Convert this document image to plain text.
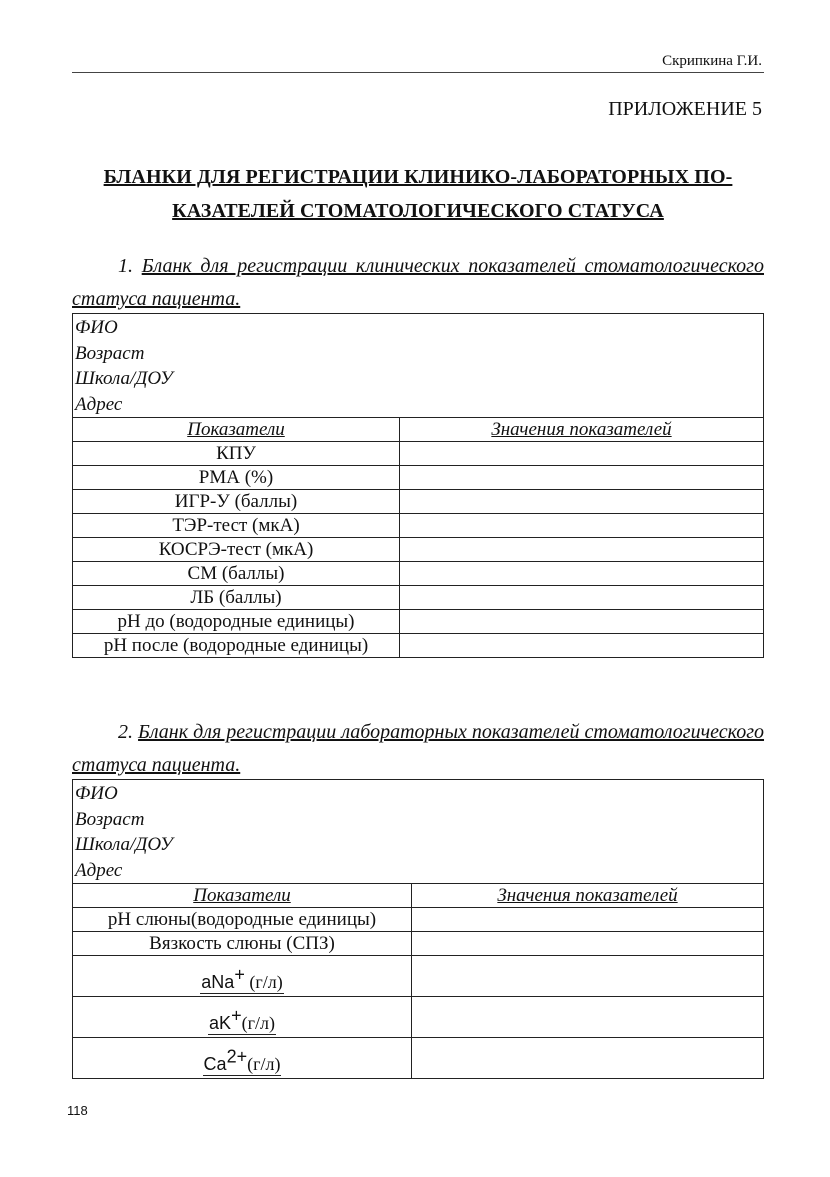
Скрипкина Г.И.
ПРИЛОЖЕНИЕ 5
БЛАНКИ ДЛЯ РЕГИСТРАЦИИ КЛИНИКО-ЛАБОРАТОРНЫХ ПО-КАЗАТЕЛЕЙ СТОМАТОЛОГИЧЕСКОГО СТАТУСА
1. Бланк для регистрации клинических показателей стоматологического статуса пациента.
ФИО
Возраст
Школа/ДОУ
Адрес	

Показатели	Значения показателей
КПУ	
РМА (%)	
ИГР-У (баллы)	
ТЭР-тест (мкА)	
КОСРЭ-тест (мкА)	
СМ (баллы)	
ЛБ (баллы)	
pH до (водородные единицы)	
pH после (водородные единицы)	
2. Бланк для регистрации лабораторных показателей стоматологического статуса пациента.
ФИО
Возраст
Школа/ДОУ
Адрес	

Показатели	Значения показателей
pH слюны(водородные единицы)	
Вязкость слюны (СПЗ)	
aNa+ (г/л)	
aK+(г/л)	
$Ca^{2+}(г/л)$	
118
